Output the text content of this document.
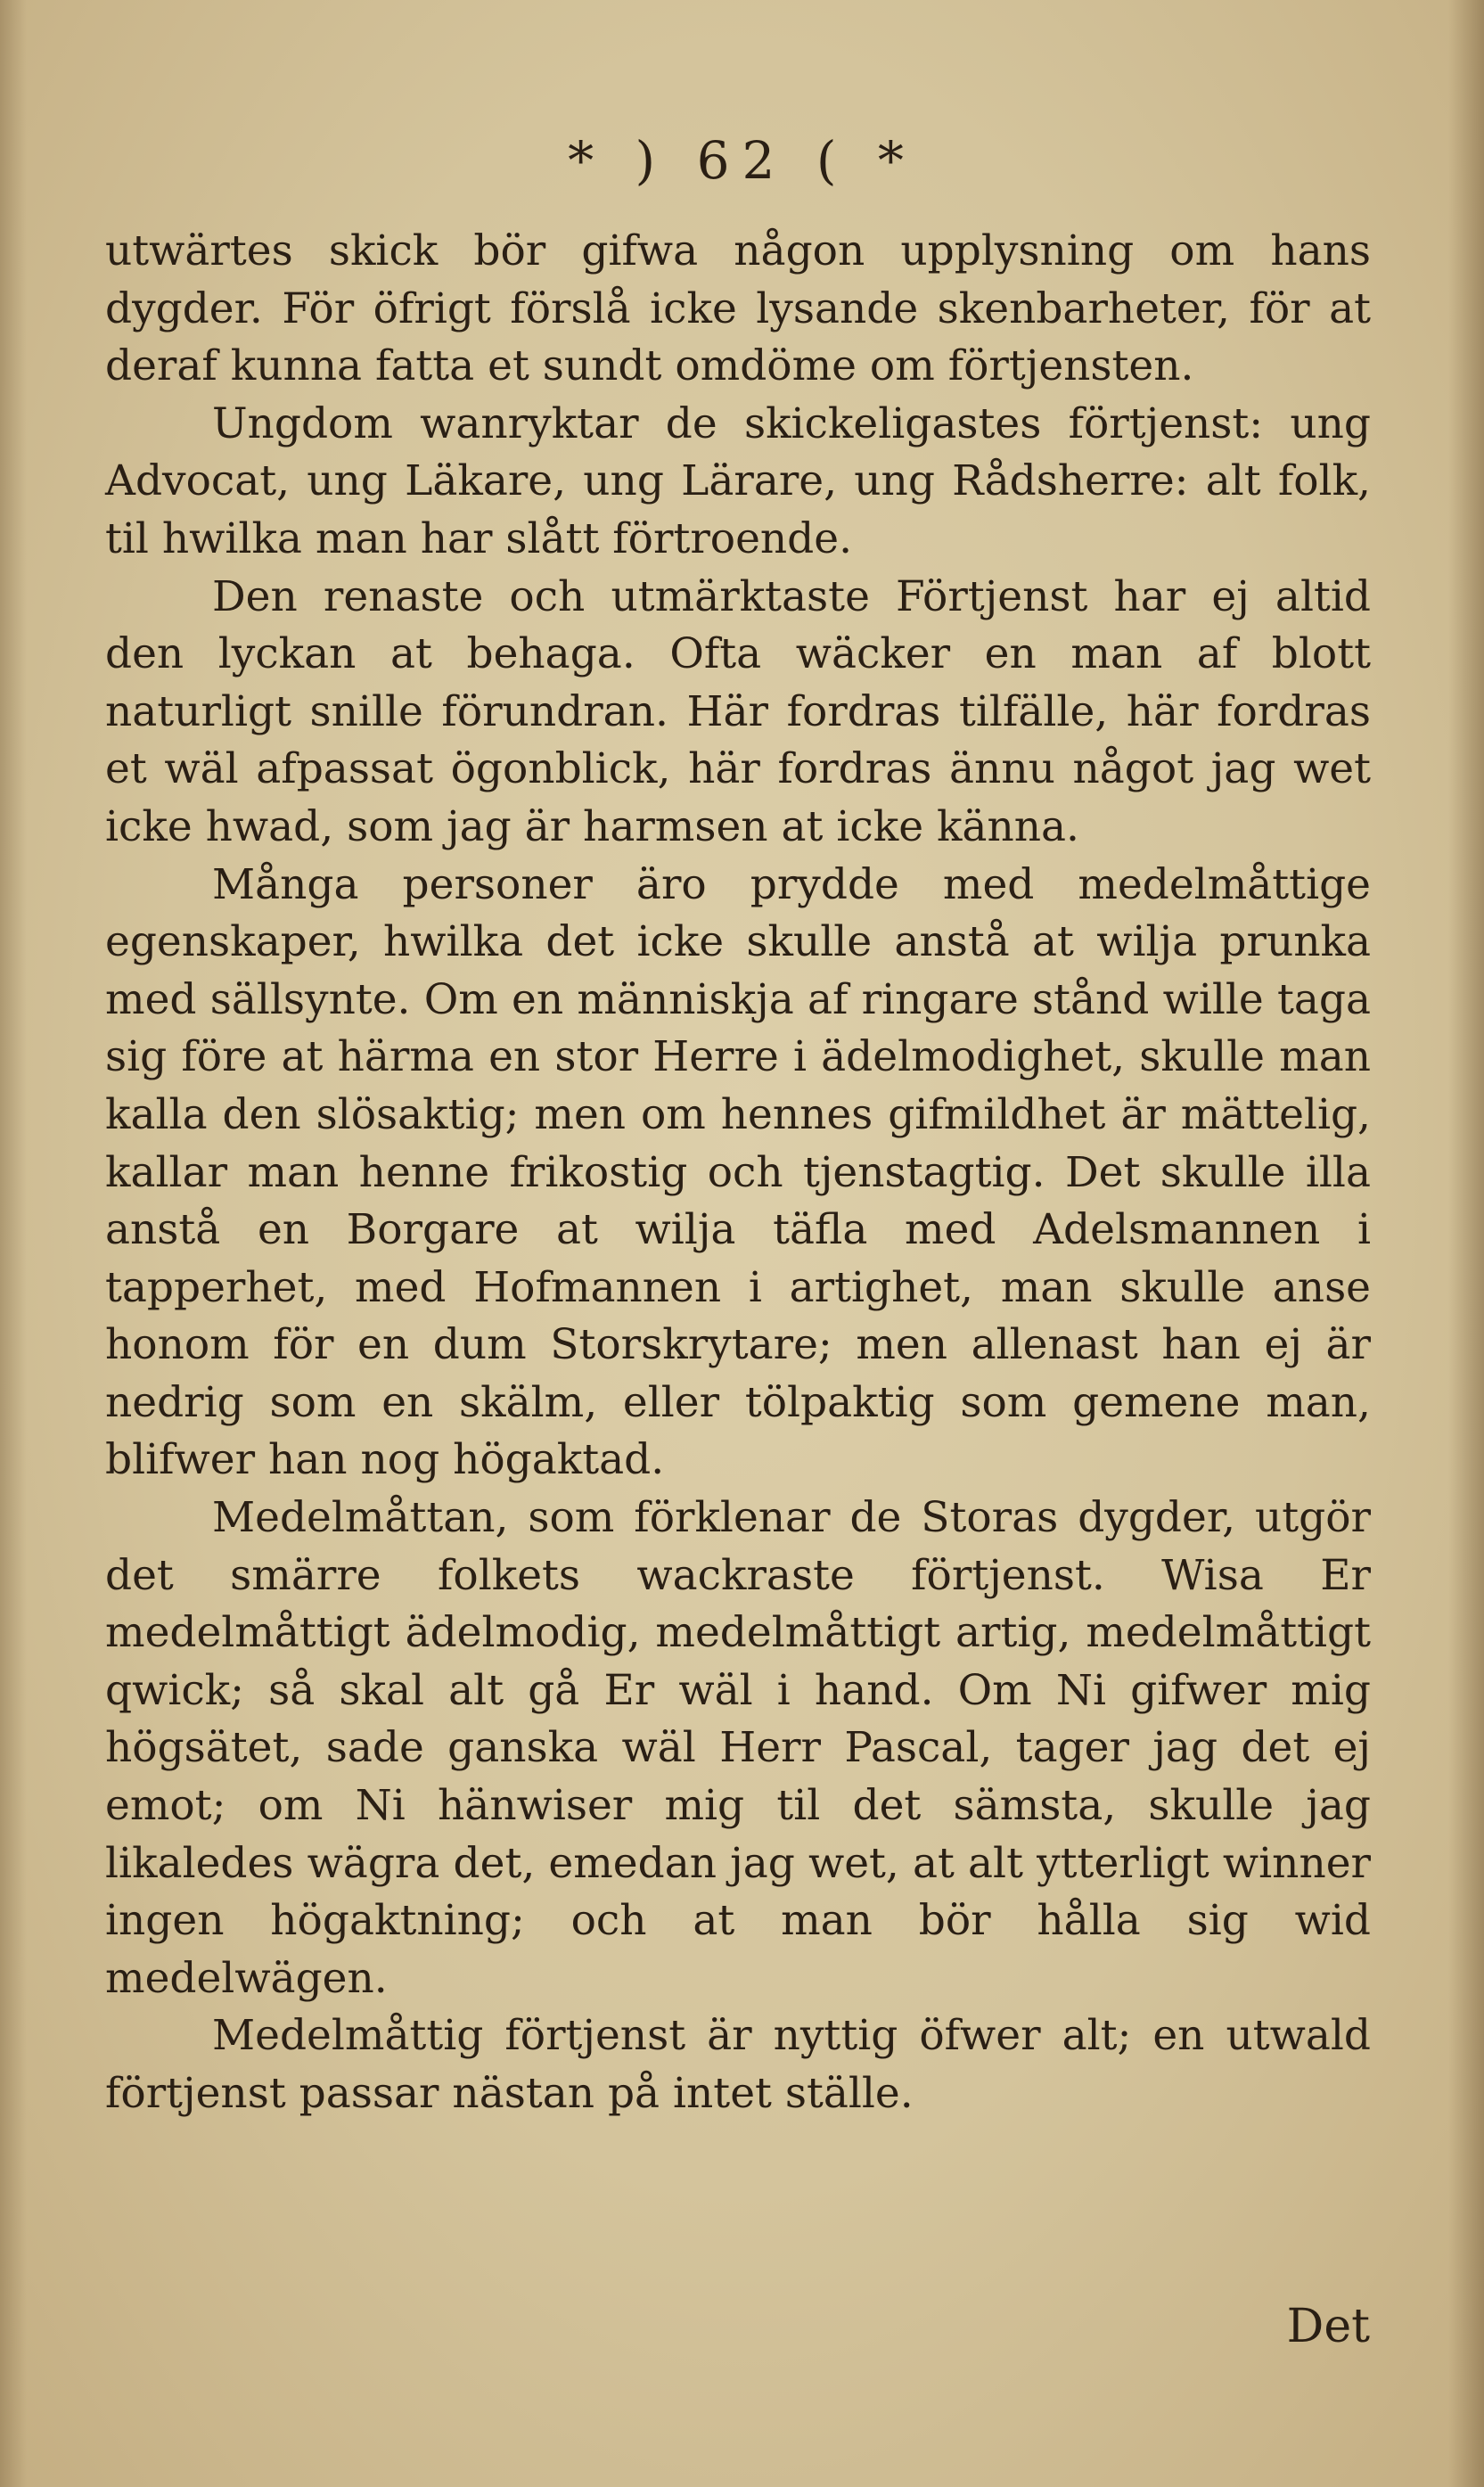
* ) 62 ( *

utwärtes skick bör gifwa någon upplysning om hans dygder. För öfrigt förslå icke lysande skenbarheter, för at deraf kunna fatta et sundt omdöme om förtjensten.

Ungdom wanryktar de skickeligastes förtjenst: ung Advocat, ung Läkare, ung Lärare, ung Rådsherre: alt folk, til hwilka man har slått förtroende.

Den renaste och utmärktaste Förtjenst har ej altid den lyckan at behaga. Ofta wäcker en man af blott naturligt snille förundran. Här fordras tilfälle, här fordras et wäl afpassat ögonblick, här fordras ännu något jag wet icke hwad, som jag är harmsen at icke känna.

Många personer äro prydde med medelmåttige egenskaper, hwilka det icke skulle anstå at wilja prunka med sällsynte. Om en människja af ringare stånd wille taga sig före at härma en stor Herre i ädelmodighet, skulle man kalla den slösaktig; men om hennes gifmildhet är mättelig, kallar man henne frikostig och tjenstagtig. Det skulle illa anstå en Borgare at wilja täfla med Adelsmannen i tapperhet, med Hofmannen i artighet, man skulle anse honom för en dum Storskrytare; men allenast han ej är nedrig som en skälm, eller tölpaktig som gemene man, blifwer han nog högaktad.

Medelmåttan, som förklenar de Storas dygder, utgör det smärre folkets wackraste förtjenst. Wisa Er medelmåttigt ädelmodig, medelmåttigt artig, medelmåttigt qwick; så skal alt gå Er wäl i hand. Om Ni gifwer mig högsätet, sade ganska wäl Herr Pascal, tager jag det ej emot; om Ni hänwiser mig til det sämsta, skulle jag likaledes wägra det, emedan jag wet, at alt ytterligt winner ingen högaktning; och at man bör hålla sig wid medelwägen.

Medelmåttig förtjenst är nyttig öfwer alt; en utwald förtjenst passar nästan på intet ställe.

Det
